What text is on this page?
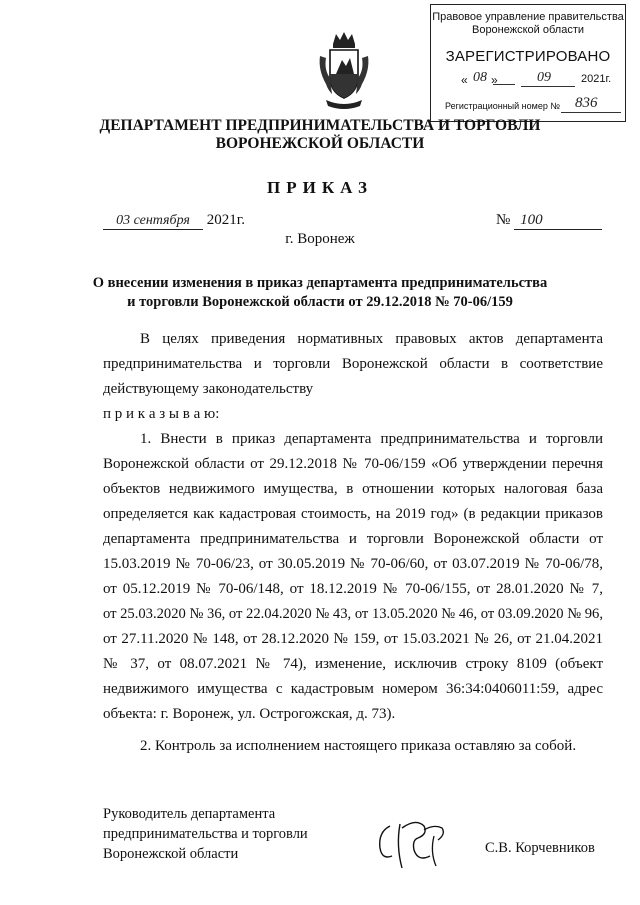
Правовое управление правительства
Воронежской области
ЗАРЕГИСТРИРОВАНО
« 08 »	09	2021г.
Регистрационный номер № 836
ДЕПАРТАМЕНТ ПРЕДПРИНИМАТЕЛЬСТВА И ТОРГОВЛИ
ВОРОНЕЖСКОЙ ОБЛАСТИ
ПРИКАЗ
03 сентября 2021г.	№ 100
г. Воронеж
О внесении изменения в приказ департамента предпринимательства
и торговли Воронежской области от 29.12.2018 № 70-06/159
В целях приведения нормативных правовых актов департамента
предпринимательства и торговли Воронежской области в соответствие
действующему законодательству
п р и к а з ы в а ю:
1. Внести в приказ департамента предпринимательства и торговли
Воронежской области от 29.12.2018 № 70-06/159 «Об утверждении перечня
объектов недвижимого имущества, в отношении которых налоговая база
определяется как кадастровая стоимость, на 2019 год» (в редакции приказов
департамента предпринимательства и торговли Воронежской области от
15.03.2019 № 70-06/23, от 30.05.2019 № 70-06/60, от 03.07.2019 № 70-06/78,
от 05.12.2019 № 70-06/148, от 18.12.2019 № 70-06/155, от 28.01.2020 № 7,
от 25.03.2020 № 36, от 22.04.2020 № 43, от 13.05.2020 № 46, от 03.09.2020 № 96,
от 27.11.2020 № 148, от 28.12.2020 № 159, от 15.03.2021 № 26, от 21.04.2021
№ 37, от 08.07.2021 № 74), изменение, исключив строку 8109 (объект
недвижимого имущества с кадастровым номером 36:34:0406011:59, адрес
объекта: г. Воронеж, ул. Острогожская, д. 73).
2. Контроль за исполнением настоящего приказа оставляю за собой.
Руководитель департамента
предпринимательства и торговли
Воронежской области	С.В. Корчевников
